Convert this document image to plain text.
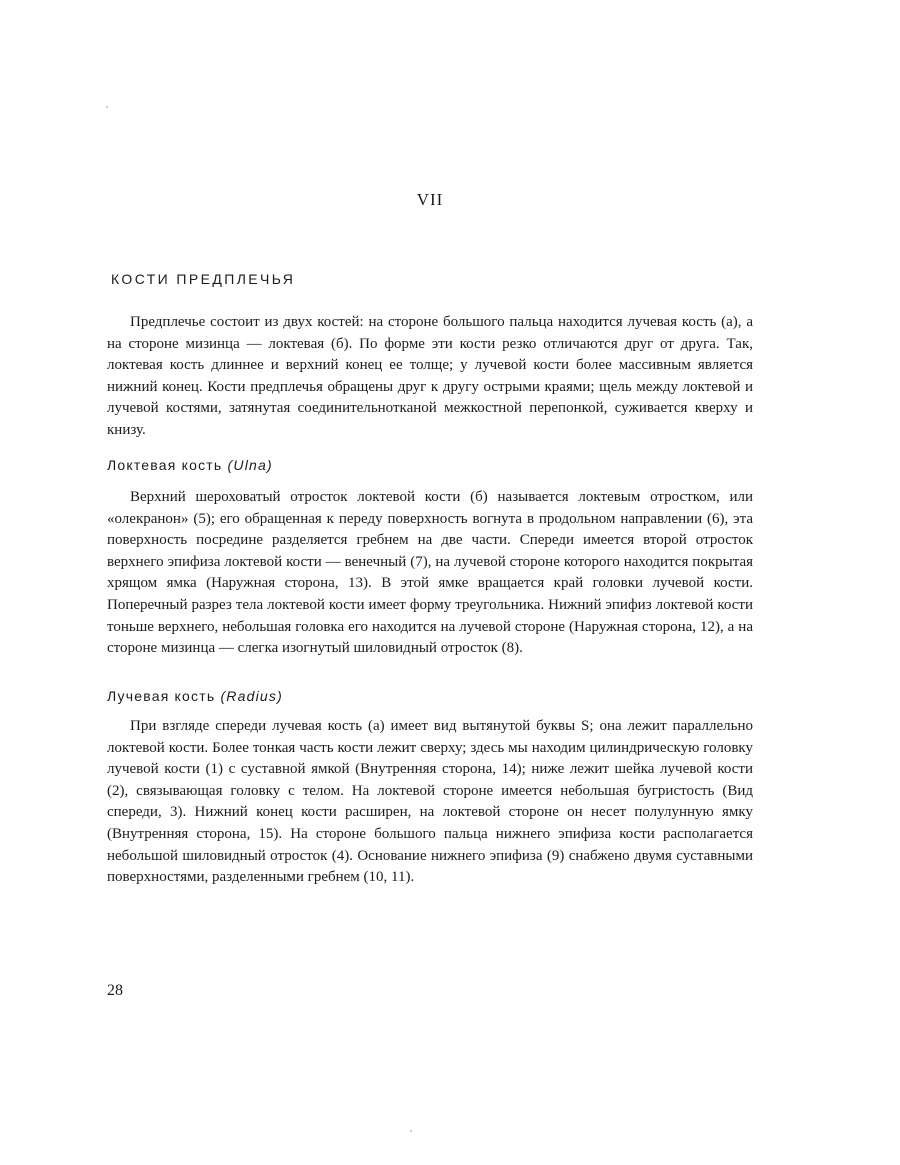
VII
КОСТИ ПРЕДПЛЕЧЬЯ

Предплечье состоит из двух костей: на стороне большого пальца находится лучевая кость (а), а на стороне мизинца — локтевая (б). По форме эти кости резко отличаются друг от друга. Так, локтевая кость длиннее и верхний конец ее толще; у лучевой кости более массивным является нижний конец. Кости предплечья обращены друг к другу острыми краями; щель между локтевой и лучевой костями, затянутая соединительнотканой межкостной перепонкой, суживается кверху и книзу.

Локтевая кость (Ulna)

Верхний шероховатый отросток локтевой кости (б) называется локтевым отростком, или «олекранон» (5); его обращенная к переду поверхность вогнута в продольном направлении (6), эта поверхность посредине разделяется гребнем на две части. Спереди имеется второй отросток верхнего эпифиза локтевой кости — венечный (7), на лучевой стороне которого находится покрытая хрящом ямка (Наружная сторона, 13). В этой ямке вращается край головки лучевой кости. Поперечный разрез тела локтевой кости имеет форму треугольника. Нижний эпифиз локтевой кости тоньше верхнего, небольшая головка его находится на лучевой стороне (Наружная сторона, 12), а на стороне мизинца — слегка изогнутый шиловидный отросток (8).

Лучевая кость (Radius)

При взгляде спереди лучевая кость (а) имеет вид вытянутой буквы S; она лежит параллельно локтевой кости. Более тонкая часть кости лежит сверху; здесь мы находим цилиндрическую головку лучевой кости (1) с суставной ямкой (Внутренняя сторона, 14); ниже лежит шейка лучевой кости (2), связывающая головку с телом. На локтевой стороне имеется небольшая бугристость (Вид спереди, 3). Нижний конец кости расширен, на локтевой стороне он несет полулунную ямку (Внутренняя сторона, 15). На стороне большого пальца нижнего эпифиза кости располагается небольшой шиловидный отросток (4). Основание нижнего эпифиза (9) снабжено двумя суставными поверхностями, разделенными гребнем (10, 11).

28
